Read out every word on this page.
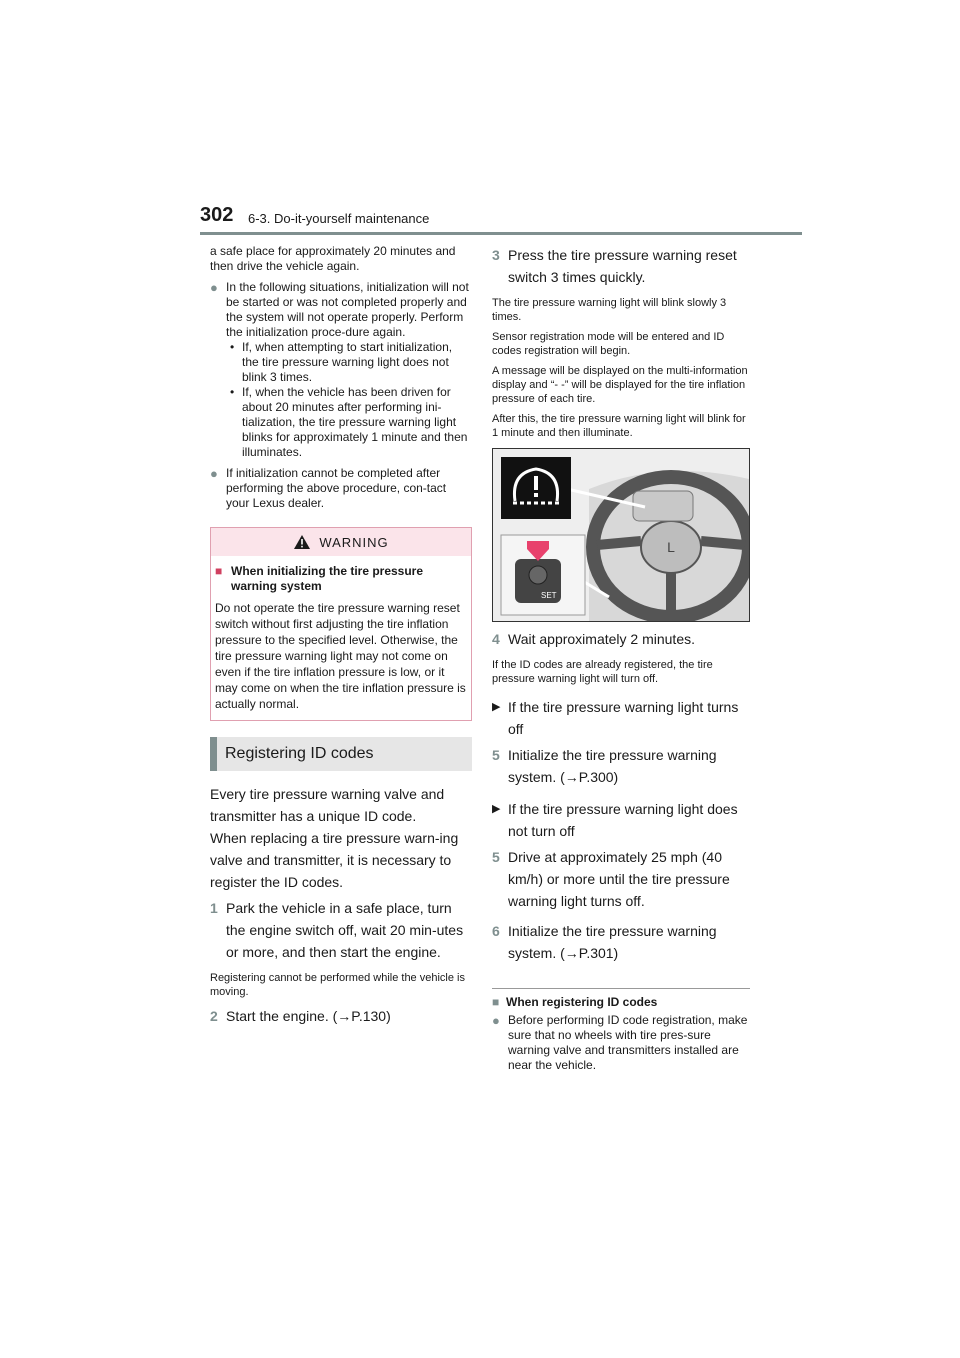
302 6-3. Do-it-yourself maintenance

a safe place for approximately 20 minutes and then drive the vehicle again.

● In the following situations, initialization will not be started or was not completed properly and the system will not operate properly. Perform the initialization proce-dure again.

• If, when attempting to start initialization, the tire pressure warning light does not blink 3 times.

• If, when the vehicle has been driven for about 20 minutes after performing ini-tialization, the tire pressure warning light blinks for approximately 1 minute and then illuminates.

● If initialization cannot be completed after performing the above procedure, con-tact your Lexus dealer.
WARNING

■ When initializing the tire pressure warning system

Do not operate the tire pressure warning reset switch without first adjusting the tire inflation pressure to the specified level. Otherwise, the tire pressure warning light may not come on even if the tire inflation pressure is low, or it may come on when the tire inflation pressure is actually normal.

Registering ID codes

Every tire pressure warning valve and transmitter has a unique ID code.

When replacing a tire pressure warn-ing valve and transmitter, it is necessary to register the ID codes.

1 Park the vehicle in a safe place, turn the engine switch off, wait 20 min-utes or more, and then start the engine.

Registering cannot be performed while the vehicle is moving.

2 Start the engine. (→P.130)
3 Press the tire pressure warning reset switch 3 times quickly.

The tire pressure warning light will blink slowly 3 times.

Sensor registration mode will be entered and ID codes registration will begin.

A message will be displayed on the multi-information display and “- -” will be displayed for the tire inflation pressure of each tire.

After this, the tire pressure warning light will blink for 1 minute and then illuminate.

L
SET
4 Wait approximately 2 minutes.

If the ID codes are already registered, the tire pressure warning light will turn off.

▶ If the tire pressure warning light turns off
5 Initialize the tire pressure warning system. (→P.300)
▶ If the tire pressure warning light does not turn off
5 Drive at approximately 25 mph (40 km/h) or more until the tire pressure warning light turns off.
6 Initialize the tire pressure warning system. (→P.301)

■ When registering ID codes

● Before performing ID code registration, make sure that no wheels with tire pres-sure warning valve and transmitters installed are near the vehicle.
